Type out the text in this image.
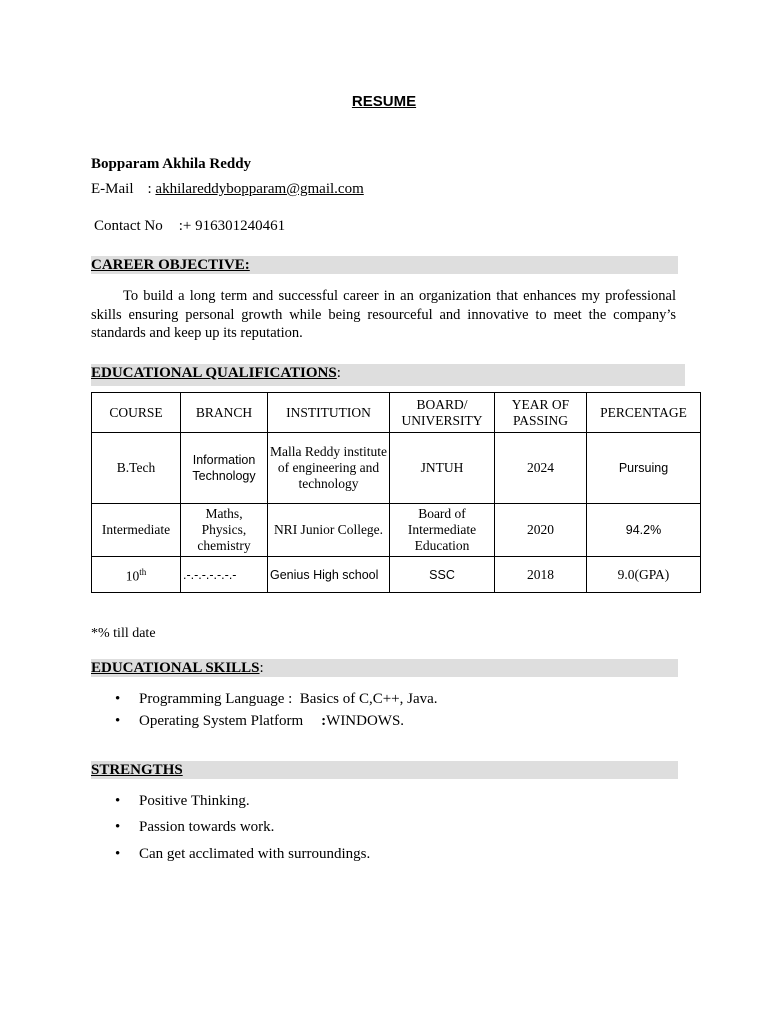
RESUME
Bopparam Akhila Reddy
E-Mail : akhilareddybopparam@gmail.com
Contact No :+ 916301240461
CAREER OBJECTIVE:
To build a long term and successful career in an organization that enhances my professional skills ensuring personal growth while being resourceful and innovative to meet the company’s standards and keep up its reputation.
EDUCATIONAL QUALIFICATIONS:
COURSE	BRANCH	INSTITUTION	BOARD/ UNIVERSITY	YEAR OF PASSING	PERCENTAGE
B.Tech	Information Technology	Malla Reddy institute of engineering and technology	JNTUH	2024	Pursuing
Intermediate	Maths, Physics, chemistry	NRI Junior College.	Board of Intermediate Education	2020	94.2%
10th	.-.-.-.-.-.-.-	Genius High school	SSC	2018	9.0(GPA)
*% till date
EDUCATIONAL SKILLS:
• Programming Language : Basics of C,C++, Java.
• Operating System Platform :WINDOWS.
STRENGTHS
• Positive Thinking.
• Passion towards work.
• Can get acclimated with surroundings.
